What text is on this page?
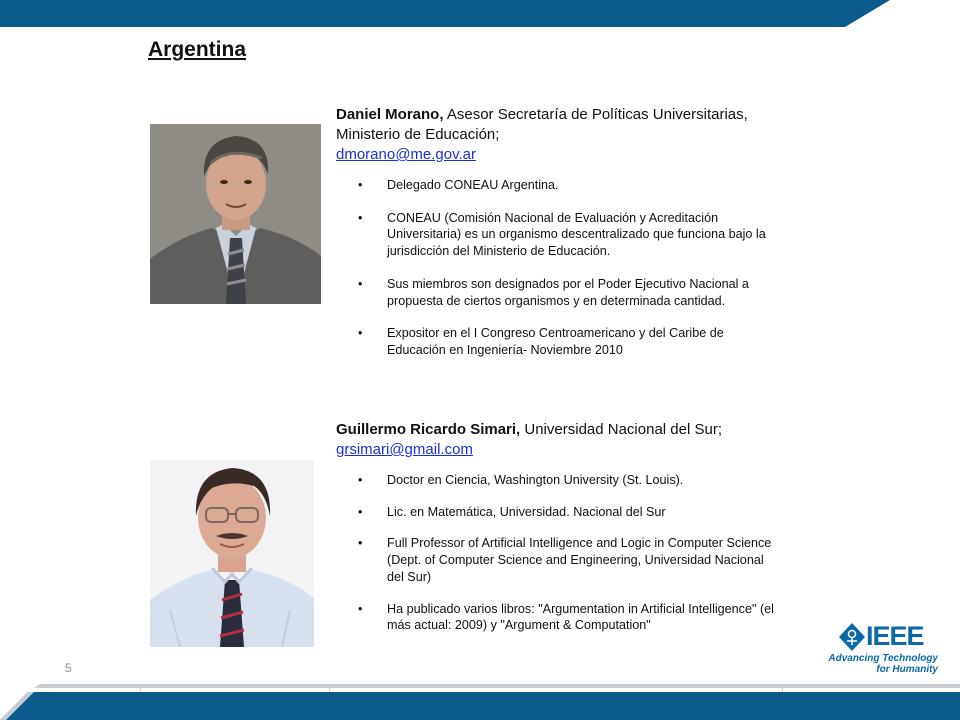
Argentina

Daniel Morano, Asesor Secretaría de Políticas Universitarias, Ministerio de Educación;

dmorano@me.gov.ar
• Delegado CONEAU Argentina.
• CONEAU (Comisión Nacional de Evaluación y Acreditación Universitaria) es un organismo descentralizado que funciona bajo la jurisdicción del Ministerio de Educación.
• Sus miembros son designados por el Poder Ejecutivo Nacional a propuesta de ciertos organismos y en determinada cantidad.
• Expositor en el I Congreso Centroamericano y del Caribe de Educación en Ingeniería- Noviembre 2010

Guillermo Ricardo Simari, Universidad Nacional del Sur;

grsimari@gmail.com
• Doctor en Ciencia, Washington University (St. Louis).
• Lic. en Matemática, Universidad. Nacional del Sur
• Full Professor of Artificial Intelligence and Logic in Computer Science (Dept. of Computer Science and Engineering, Universidad Nacional del Sur)
• Ha publicado varios libros: "Argumentation in Artificial Intelligence" (el más actual: 2009) y "Argument & Computation"
5
IEEE
Advancing Technology
for Humanity
